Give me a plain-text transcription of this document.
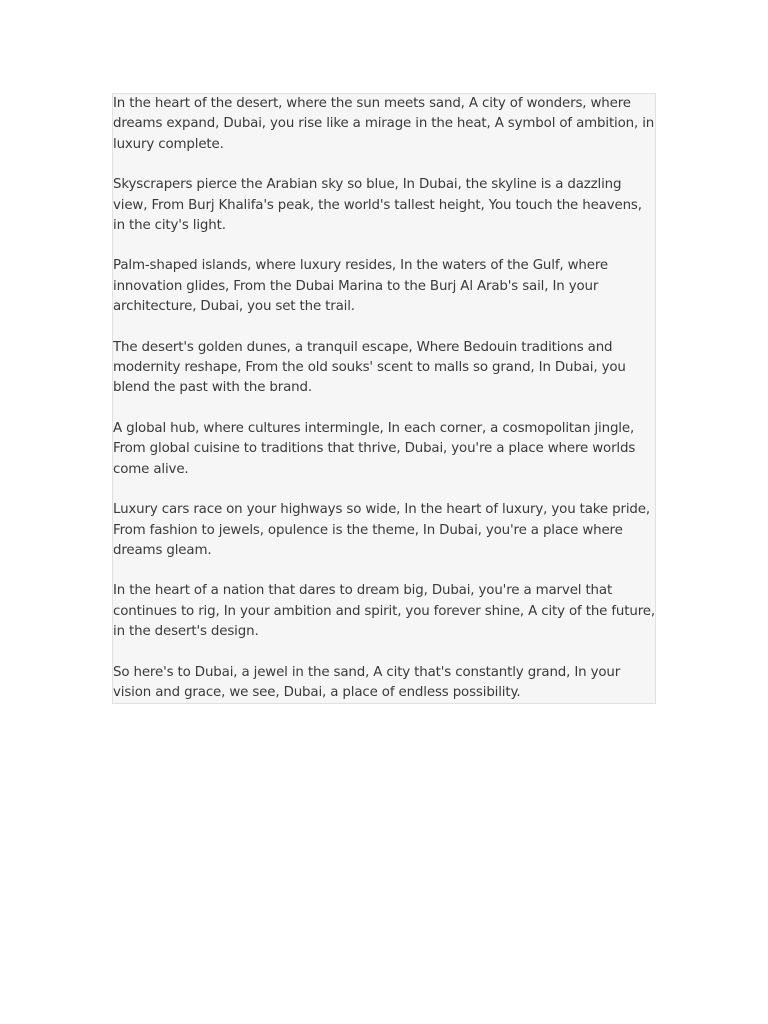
In the heart of the desert, where the sun meets sand, A city of wonders, where dreams expand, Dubai, you rise like a mirage in the heat, A symbol of ambition, in luxury complete.

Skyscrapers pierce the Arabian sky so blue, In Dubai, the skyline is a dazzling view, From Burj Khalifa's peak, the world's tallest height, You touch the heavens, in the city's light.

Palm-shaped islands, where luxury resides, In the waters of the Gulf, where innovation glides, From the Dubai Marina to the Burj Al Arab's sail, In your architecture, Dubai, you set the trail.

The desert's golden dunes, a tranquil escape, Where Bedouin traditions and modernity reshape, From the old souks' scent to malls so grand, In Dubai, you blend the past with the brand.

A global hub, where cultures intermingle, In each corner, a cosmopolitan jingle, From global cuisine to traditions that thrive, Dubai, you're a place where worlds come alive.

Luxury cars race on your highways so wide, In the heart of luxury, you take pride, From fashion to jewels, opulence is the theme, In Dubai, you're a place where dreams gleam.

In the heart of a nation that dares to dream big, Dubai, you're a marvel that continues to rig, In your ambition and spirit, you forever shine, A city of the future, in the desert's design.

So here's to Dubai, a jewel in the sand, A city that's constantly grand, In your vision and grace, we see, Dubai, a place of endless possibility.
